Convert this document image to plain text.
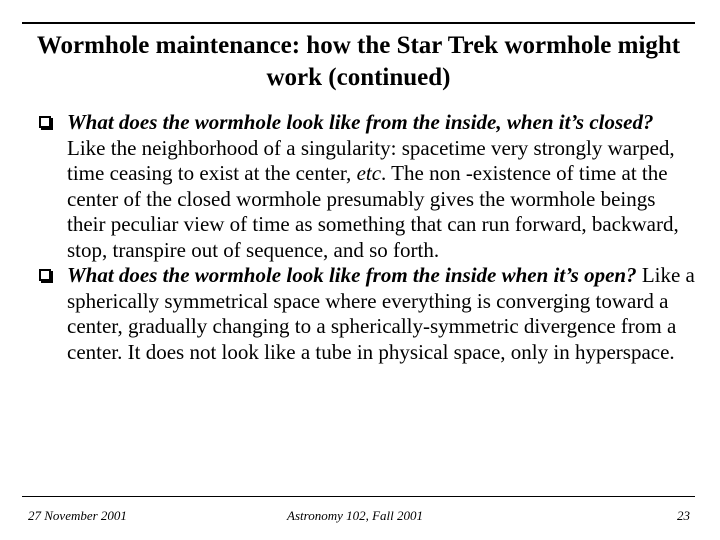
Wormhole maintenance: how the Star Trek wormhole might work (continued)
What does the wormhole look like from the inside, when it’s closed? Like the neighborhood of a singularity: spacetime very strongly warped, time ceasing to exist at the center, etc. The non -existence of time at the center of the closed wormhole presumably gives the wormhole beings their peculiar view of time as something that can run forward, backward, stop, transpire out of sequence, and so forth.
What does the wormhole look like from the inside when it’s open? Like a spherically symmetrical space where everything is converging toward a center, gradually changing to a spherically-symmetric divergence from a center. It does not look like a tube in physical space, only in hyperspace.
27 November 2001	Astronomy 102, Fall 2001	23
